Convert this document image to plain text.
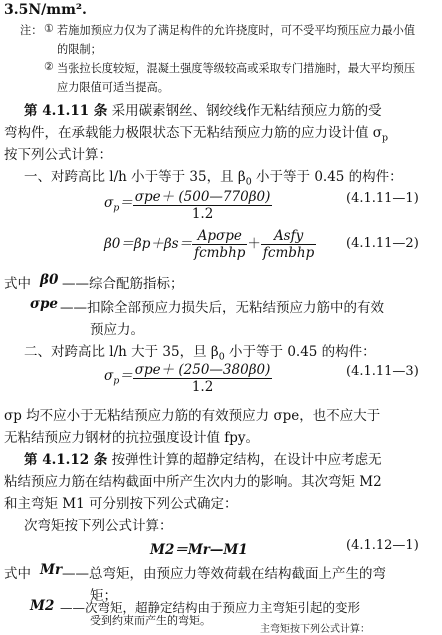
3.5N/mm².
注： ① 若施加预应力仅为了满足构件的允许挠度时，可不受平均预压应力最小值
的限制；
② 当张拉长度较短，混凝土强度等级较高或采取专门措施时，最大平均预压
应力限值可适当提高。
第 4.1.11 条 采用碳素钢丝、钢绞线作无粘结预应力筋的受
弯构件，在承载能力极限状态下无粘结预应力筋的应力设计值 $\sigma_p$
按下列公式计算：
一、对跨高比 l/h 小于等于 35，且 $\beta_0$ 小于等于 0.45 的构件：
$\sigma_p= \frac{\text{σpe＋ (500—770β0)}}{1.2}$	(4.1.11—1)
$\beta 0=\beta p+\beta s= \frac{\text{Apσpe}}{\text{fcmbhp}} + \frac{\text{Asfy}}{\text{fcmbhp}}$ (4.1.11—2)
式中 β0 ——综合配筋指标；
σpe ——扣除全部预应力损失后，无粘结预应力筋中的有效
预应力。
二、对跨高比 l/h 大于 35，旦 $\beta_0$ 小于等于 0.45 的构件：
$\sigma_p= \frac{\text{σpe＋ (250—380β0)}}{1.2}$	(4.1.11—3)
σp 均不应小于无粘结预应力筋的有效预应力 σpe，也不应大于
无粘结预应力钢材的抗拉强度设计值 fpy。
第 4.1.12 条 按弹性计算的超静定结构，在设计中应考虑无
粘结预应力筋在结构截面中所产生次内力的影响。其次弯矩 M2
和主弯矩 M1 可分别按下列公式确定：
次弯矩按下列公式计算：
M2＝Mr—M1	(4.1.12—1)
式中 Mr ——总弯矩，由预应力等效荷载在结构截面上产生的弯
矩；
M2 ——次弯矩，超静定结构由于预应力主弯矩引起的变形
受到约束而产生的弯矩。
主弯矩按下列公式计算：
